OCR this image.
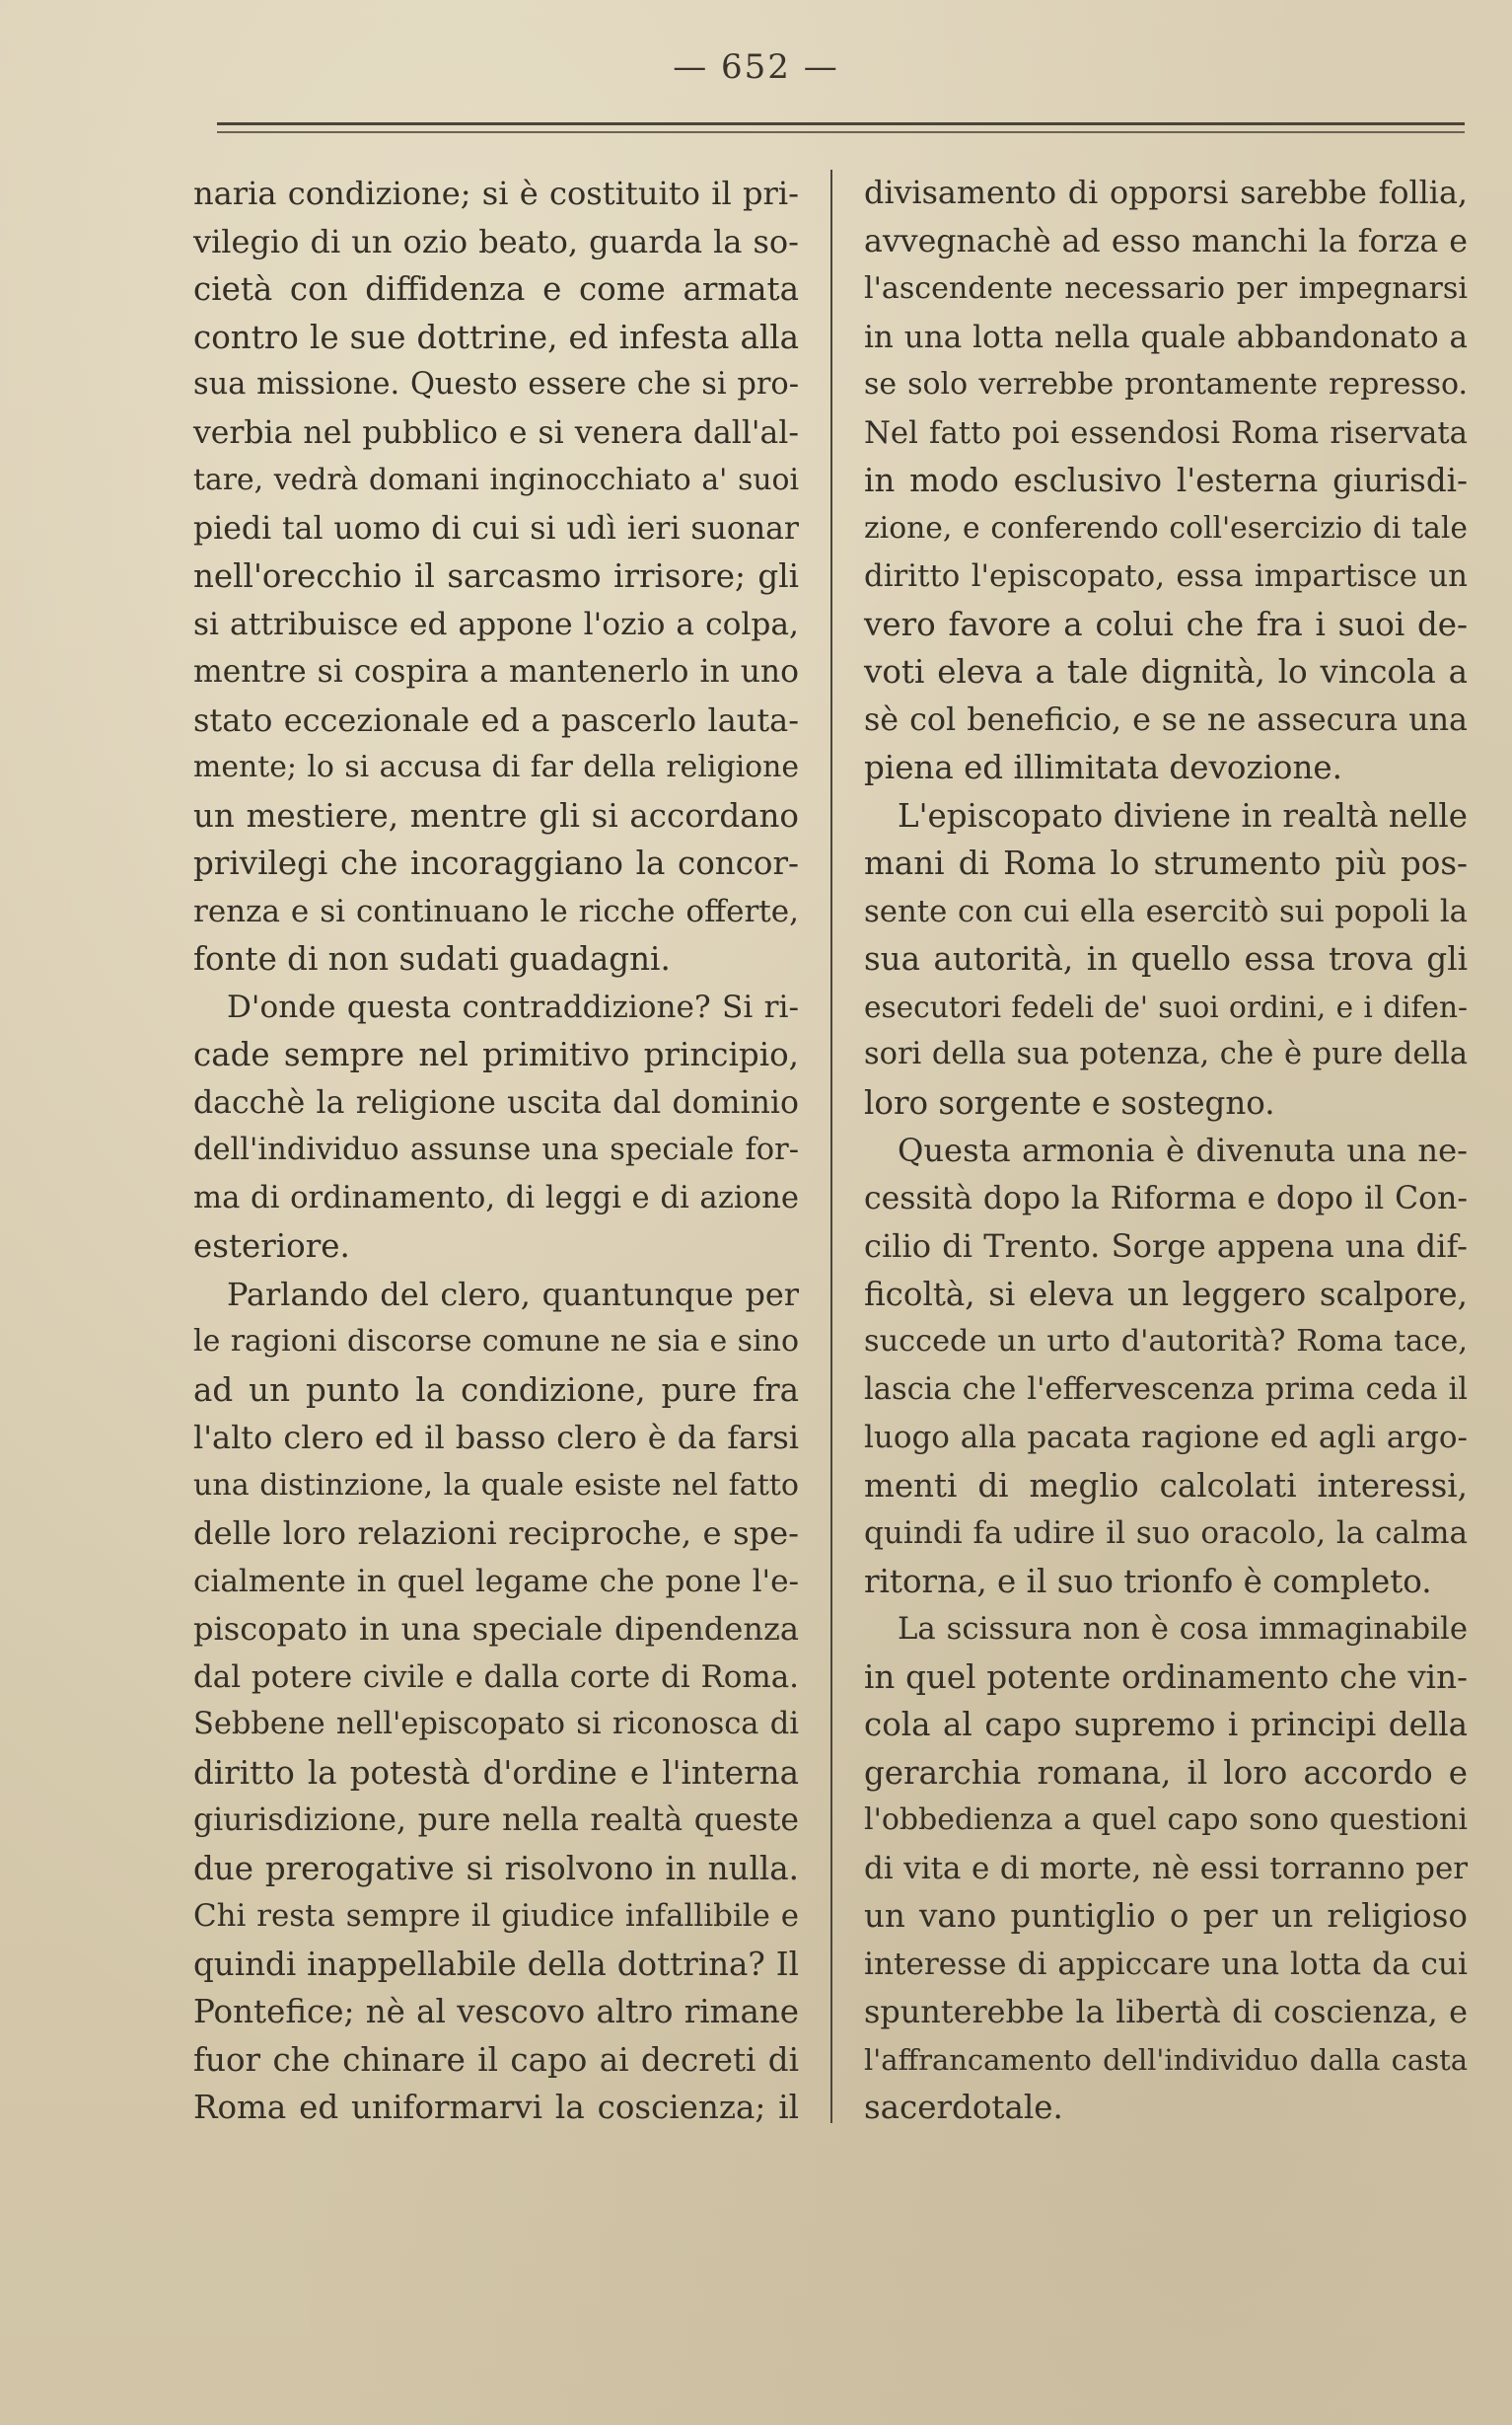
— 652 —
naria condizione; si è costituito il pri-
vilegio di un ozio beato, guarda la so-
cietà con diffidenza e come armata
contro le sue dottrine, ed infesta alla
sua missione. Questo essere che si pro-
verbia nel pubblico e si venera dall'al-
tare, vedrà domani inginocchiato a' suoi
piedi tal uomo di cui si udì ieri suonar
nell'orecchio il sarcasmo irrisore; gli
si attribuisce ed appone l'ozio a colpa,
mentre si cospira a mantenerlo in uno
stato eccezionale ed a pascerlo lauta-
mente; lo si accusa di far della religione
un mestiere, mentre gli si accordano
privilegi che incoraggiano la concor-
renza e si continuano le ricche offerte,
fonte di non sudati guadagni.
D'onde questa contraddizione? Si ri-
cade sempre nel primitivo principio,
dacchè la religione uscita dal dominio
dell'individuo assunse una speciale for-
ma di ordinamento, di leggi e di azione
esteriore.
Parlando del clero, quantunque per
le ragioni discorse comune ne sia e sino
ad un punto la condizione, pure fra
l'alto clero ed il basso clero è da farsi
una distinzione, la quale esiste nel fatto
delle loro relazioni reciproche, e spe-
cialmente in quel legame che pone l'e-
piscopato in una speciale dipendenza
dal potere civile e dalla corte di Roma.
Sebbene nell'episcopato si riconosca di
diritto la potestà d'ordine e l'interna
giurisdizione, pure nella realtà queste
due prerogative si risolvono in nulla.
Chi resta sempre il giudice infallibile e
quindi inappellabile della dottrina? Il
Pontefice; nè al vescovo altro rimane
fuor che chinare il capo ai decreti di
Roma ed uniformarvi la coscienza; il
divisamento di opporsi sarebbe follia,
avvegnachè ad esso manchi la forza e
l'ascendente necessario per impegnarsi
in una lotta nella quale abbandonato a
se solo verrebbe prontamente represso.
Nel fatto poi essendosi Roma riservata
in modo esclusivo l'esterna giurisdi-
zione, e conferendo coll'esercizio di tale
diritto l'episcopato, essa impartisce un
vero favore a colui che fra i suoi de-
voti eleva a tale dignità, lo vincola a
sè col beneficio, e se ne assecura una
piena ed illimitata devozione.
L'episcopato diviene in realtà nelle
mani di Roma lo strumento più pos-
sente con cui ella esercitò sui popoli la
sua autorità, in quello essa trova gli
esecutori fedeli de' suoi ordini, e i difen-
sori della sua potenza, che è pure della
loro sorgente e sostegno.
Questa armonia è divenuta una ne-
cessità dopo la Riforma e dopo il Con-
cilio di Trento. Sorge appena una dif-
ficoltà, si eleva un leggero scalpore,
succede un urto d'autorità? Roma tace,
lascia che l'effervescenza prima ceda il
luogo alla pacata ragione ed agli argo-
menti di meglio calcolati interessi,
quindi fa udire il suo oracolo, la calma
ritorna, e il suo trionfo è completo.
La scissura non è cosa immaginabile
in quel potente ordinamento che vin-
cola al capo supremo i principi della
gerarchia romana, il loro accordo e
l'obbedienza a quel capo sono questioni
di vita e di morte, nè essi torranno per
un vano puntiglio o per un religioso
interesse di appiccare una lotta da cui
spunterebbe la libertà di coscienza, e
l'affrancamento dell'individuo dalla casta
sacerdotale.
